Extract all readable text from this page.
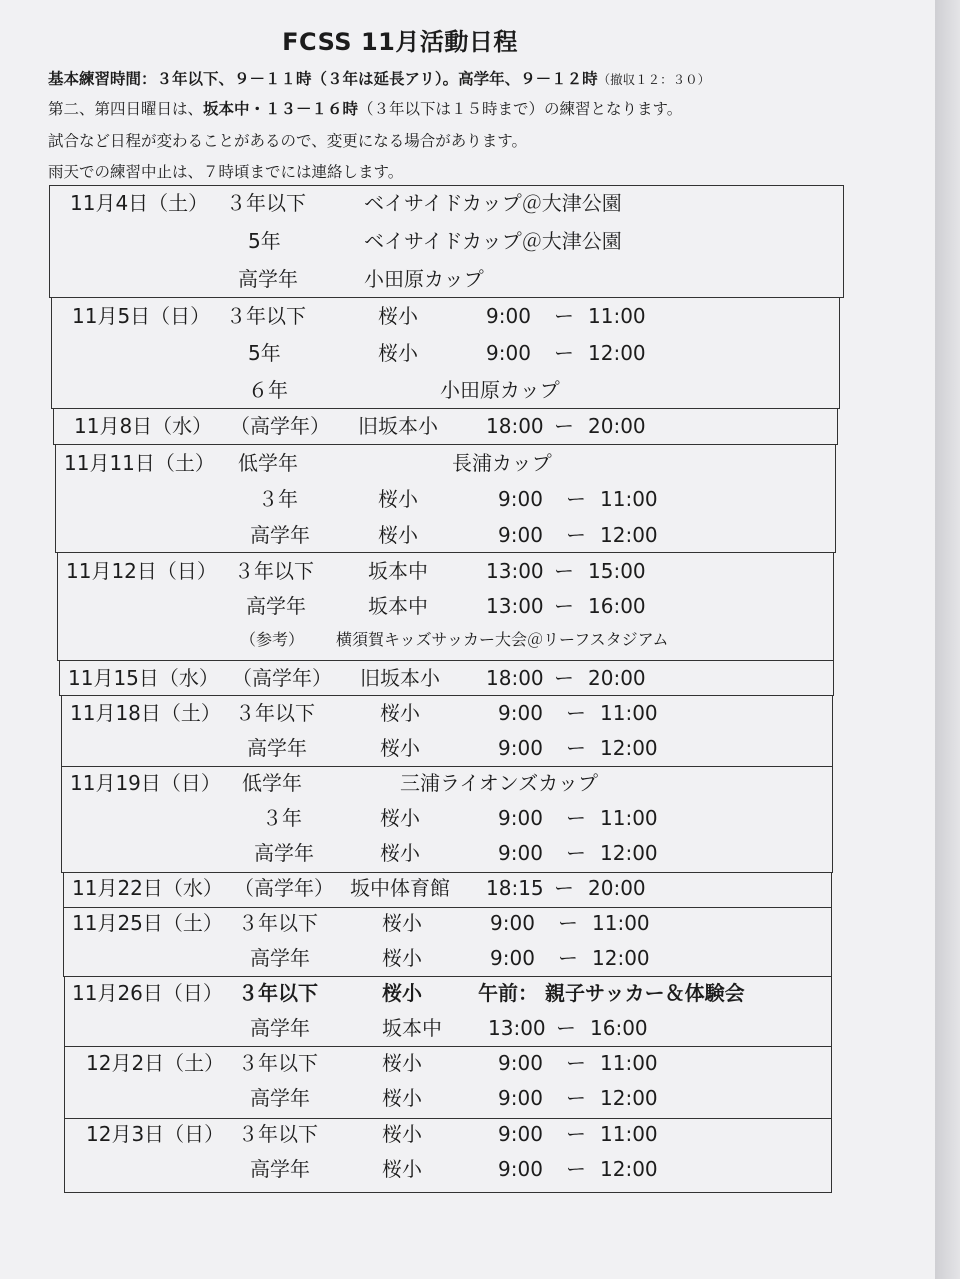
FCSS 11月活動日程
基本練習時間：３年以下、９－１１時（３年は延長アリ）。高学年、９－１２時（撤収１２：３０）
第二、第四日曜日は、坂本中・１３－１６時（３年以下は１５時まで）の練習となります。
試合など日程が変わることがあるので、変更になる場合があります。
雨天での練習中止は、７時頃までには連絡します。
11月4日（土） ３年以下	ベイサイドカップ＠大津公園
5年	ベイサイドカップ＠大津公園
高学年	小田原カップ
11月5日（日） ３年以下	桜小	9:00 ー 11:00
5年	桜小	9:00 ー 12:00
６年	小田原カップ
11月8日（水） （高学年） 旧坂本小 18:00 ー 20:00
11月11日（土） 低学年	長浦カップ
３年	桜小	9:00 ー 11:00
高学年	桜小	9:00 ー 12:00
11月12日（日） ３年以下	坂本中	13:00 ー 15:00
高学年	坂本中	13:00 ー 16:00
（参考） 横須賀キッズサッカー大会＠リーフスタジアム
11月15日（水） （高学年） 旧坂本小 18:00 ー 20:00
11月18日（土） ３年以下	桜小	9:00 ー 11:00
高学年	桜小	9:00 ー 12:00
11月19日（日） 低学年	三浦ライオンズカップ
３年	桜小	9:00 ー 11:00
高学年	桜小	9:00 ー 12:00
11月22日（水） （高学年） 坂中体育館 18:15 ー 20:00
11月25日（土） ３年以下	桜小	9:00 ー 11:00
高学年	桜小	9:00 ー 12:00
11月26日（日） ３年以下	桜小	午前： 親子サッカー＆体験会
高学年	坂本中 13:00 ー 16:00
12月2日（土） ３年以下	桜小	9:00 ー 11:00
高学年	桜小	9:00 ー 12:00
12月3日（日） ３年以下	桜小	9:00 ー 11:00
高学年	桜小	9:00 ー 12:00
